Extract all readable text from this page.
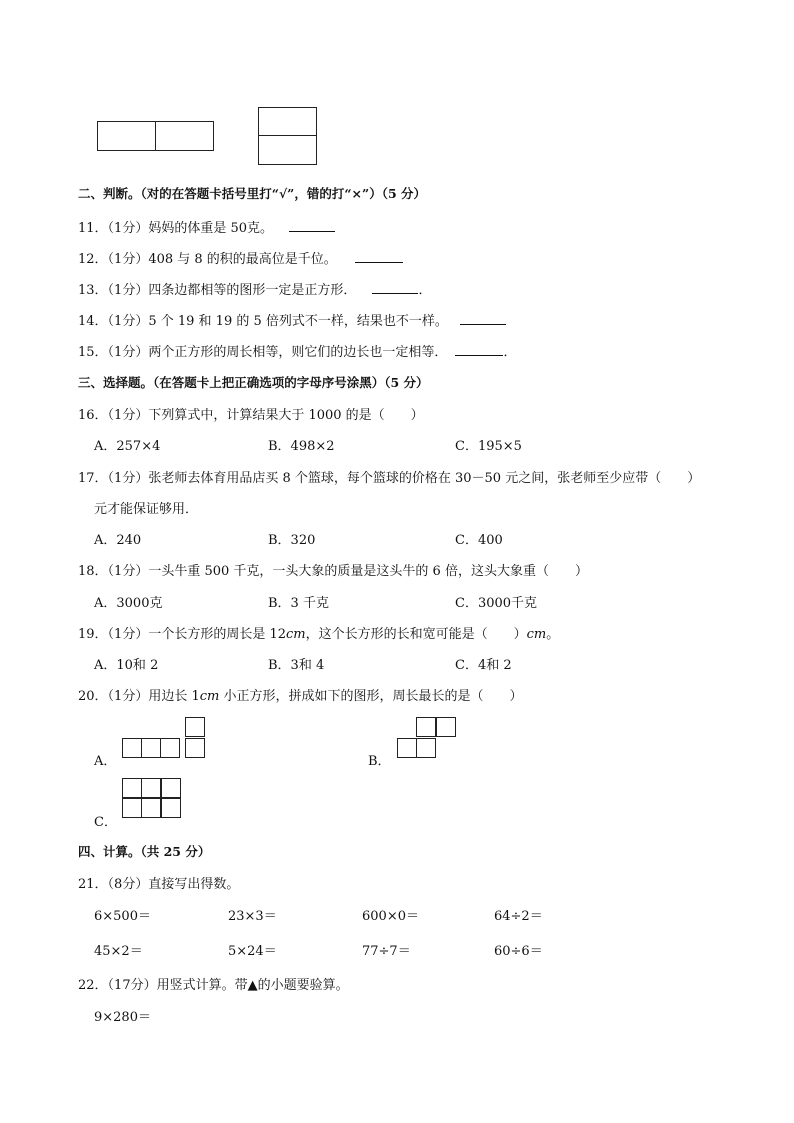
二、判断。（对的在答题卡括号里打“√”，错的打“×”）（5 分）
11．（1分）妈妈的体重是 50克。
12．（1分）408 与 8 的积的最高位是千位。
13．（1分）四条边都相等的图形一定是正方形．	．
14．（1分）5 个 19 和 19 的 5 倍列式不一样，结果也不一样。
15．（1分）两个正方形的周长相等，则它们的边长也一定相等．	．
三、选择题。（在答题卡上把正确选项的字母序号涂黑）（5 分）
16．（1分）下列算式中，计算结果大于 1000 的是（　　）
A．257×4	B．498×2	C．195×5
17．（1分）张老师去体育用品店买 8 个篮球，每个篮球的价格在 30－50 元之间，张老师至少应带（　　）
元才能保证够用．
A．240	B．320	C．400
18．（1分）一头牛重 500 千克，一头大象的质量是这头牛的 6 倍，这头大象重（　　）
A．3000克	B．3 千克	C．3000千克
19．（1分）一个长方形的周长是 12cm，这个长方形的长和宽可能是（　　）cm。
A．10和 2	B．3和 4	C．4和 2
20．（1分）用边长 1cm 小正方形，拼成如下的图形，周长最长的是（　　）
A．	B．
C．
四、计算。（共 25 分）
21．（8分）直接写出得数。
6×500＝	23×3＝	600×0＝	64÷2＝
45×2＝	5×24＝	77÷7＝	60÷6＝
22．（17分）用竖式计算。带▲的小题要验算。
9×280＝
